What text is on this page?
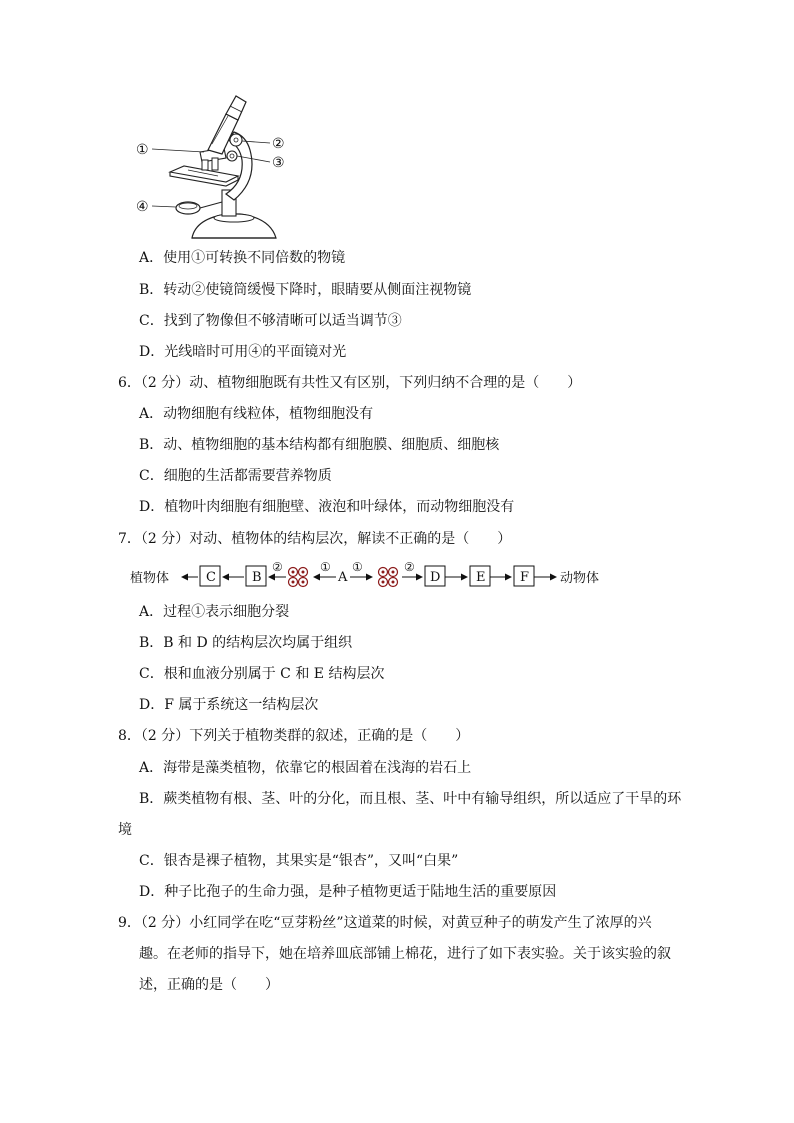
①	②
③
④
A．使用①可转换不同倍数的物镜
B．转动②使镜筒缓慢下降时，眼睛要从侧面注视物镜
C．找到了物像但不够清晰可以适当调节③
D．光线暗时可用④的平面镜对光
6．（2 分）动、植物细胞既有共性又有区别，下列归纳不合理的是（　　）
A．动物细胞有线粒体，植物细胞没有
B．动、植物细胞的基本结构都有细胞膜、细胞质、细胞核
C．细胞的生活都需要营养物质
D．植物叶肉细胞有细胞壁、液泡和叶绿体，而动物细胞没有
7．（2 分）对动、植物体的结构层次，解读不正确的是（　　）
植物体	C	B
②	①
A
①	②
D	E	F 动物体
A．过程①表示细胞分裂
B．B 和 D 的结构层次均属于组织
C．根和血液分别属于 C 和 E 结构层次
D．F 属于系统这一结构层次
8．（2 分）下列关于植物类群的叙述，正确的是（　　）
A．海带是藻类植物，依靠它的根固着在浅海的岩石上
B．蕨类植物有根、茎、叶的分化，而且根、茎、叶中有输导组织，所以适应了干旱的环
境
C．银杏是裸子植物，其果实是“银杏”，又叫“白果”
D．种子比孢子的生命力强，是种子植物更适于陆地生活的重要原因
9．（2 分）小红同学在吃“豆芽粉丝”这道菜的时候，对黄豆种子的萌发产生了浓厚的兴
趣。在老师的指导下，她在培养皿底部铺上棉花，进行了如下表实验。关于该实验的叙
述，正确的是（　　）
